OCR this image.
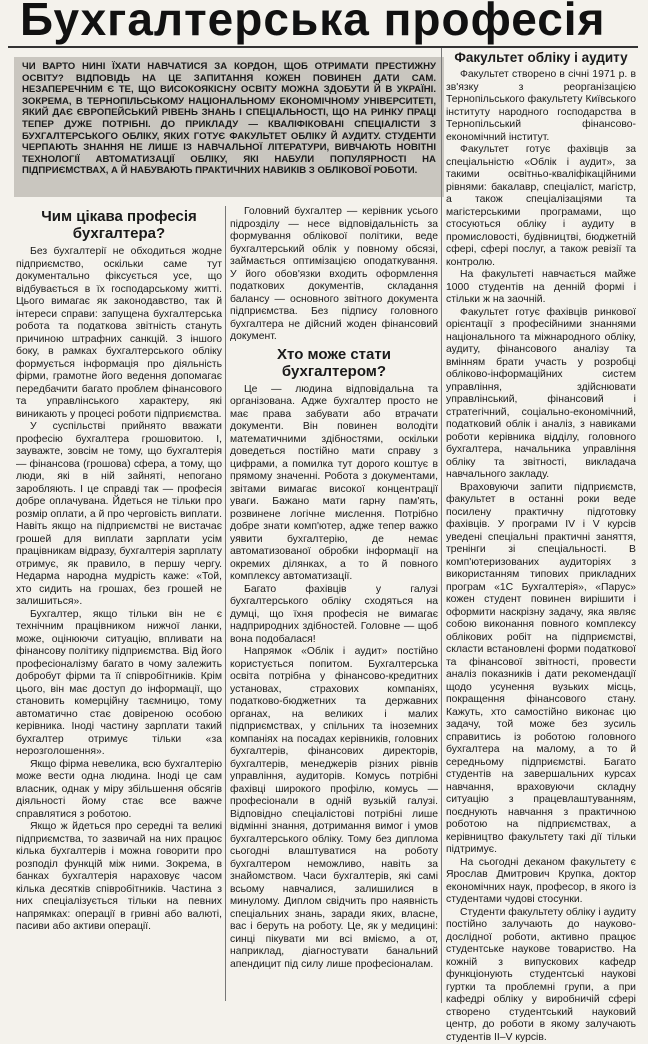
Бухгалтерська професія
ЧИ ВАРТО НИНІ ЇХАТИ НАВЧАТИСЯ ЗА КОРДОН, ЩОБ ОТРИМАТИ ПРЕСТИЖНУ ОСВІТУ? ВІДПОВІДЬ НА ЦЕ ЗАПИТАННЯ КОЖЕН ПОВИНЕН ДАТИ САМ. НЕЗАПЕРЕЧНИМ Є ТЕ, ЩО ВИСОКОЯКІСНУ ОСВІТУ МОЖНА ЗДОБУТИ Й В УКРАЇНІ. ЗОКРЕМА, В ТЕРНОПІЛЬСЬКОМУ НАЦІОНАЛЬНОМУ ЕКОНОМІЧНОМУ УНІВЕРСИТЕТІ, ЯКИЙ ДАЄ ЄВРОПЕЙСЬКИЙ РІВЕНЬ ЗНАНЬ І СПЕЦІАЛЬНОСТІ, ЩО НА РИНКУ ПРАЦІ ТЕПЕР ДУЖЕ ПОТРІБНІ. ДО ПРИКЛАДУ — КВАЛІФІКОВАНІ СПЕЦІАЛІСТИ З БУХГАЛТЕРСЬКОГО ОБЛІКУ, ЯКИХ ГОТУЄ ФАКУЛЬТЕТ ОБЛІКУ Й АУДИТУ. СТУДЕНТИ ЧЕРПАЮТЬ ЗНАННЯ НЕ ЛИШЕ ІЗ НАВЧАЛЬНОЇ ЛІТЕРАТУРИ, ВИВЧАЮТЬ НОВІТНІ ТЕХНОЛОГІЇ АВТОМАТИЗАЦІЇ ОБЛІКУ, ЯКІ НАБУЛИ ПОПУЛЯРНОСТІ НА ПІДПРИЄМСТВАХ, А Й НАБУВАЮТЬ ПРАКТИЧНИХ НАВИКІВ З ОБЛІКОВОЇ РОБОТИ.

Чим цікава професія бухгалтера?

Без бухгалтерії не обходиться жодне підприємство, оскільки саме тут документально фіксується усе, що відбувається в їх господарському житті. Цього вимагає як законодавство, так й інтереси справи: запущена бухгалтерська робота та податкова звітність стануть причиною штрафних санкцій. З іншого боку, в рамках бухгалтерського обліку формується інформація про діяльність фірми, грамотне його ведення допомагає передбачити багато проблем фінансового та управлінського характеру, які виникають у процесі роботи підприємства.

У суспільстві прийнято вважати професію бухгалтера грошовитою. І, зауважте, зовсім не тому, що бухгалтерія — фінансова (грошова) сфера, а тому, що люди, які в ній зайняті, непогано заробляють. І це справді так — професія добре оплачувана. Йдеться не тільки про розмір оплати, а й про черговість виплати. Навіть якщо на підприємстві не вистачає грошей для виплати зарплати усім працівникам відразу, бухгалтерія зарплату отримує, як правило, в першу чергу. Недарма народна мудрість каже: «Той, хто сидить на грошах, без грошей не залишиться».

Бухгалтер, якщо тільки він не є технічним працівником нижчої ланки, може, оцінюючи ситуацію, впливати на фінансову політику підприємства. Від його професіоналізму багато в чому залежить добробут фірми та її співробітників. Крім цього, він має доступ до інформації, що становить комерційну таємницю, тому автоматично стає довіреною особою керівника. Іноді частину зарплати такий бухгалтер отримує тільки «за нерозголошення».

Якщо фірма невелика, всю бухгалтерію може вести одна людина. Іноді це сам власник, однак у міру збільшення обсягів діяльності йому стає все важче справлятися з роботою.

Якщо ж йдеться про середні та великі підприємства, то зазвичай на них працює кілька бухгалтерів і можна говорити про розподіл функцій між ними. Зокрема, в банках бухгалтерія нараховує часом кілька десятків співробітників. Частина з них спеціалізується тільки на певних напрямках: операції в гривні або валюті, пасиви або активи операції.

Головний бухгалтер — керівник усього підрозділу — несе відповідальність за формування облікової політики, веде бухгалтерський облік у повному обсязі, займається оптимізацією оподаткування. У його обов'язки входить оформлення податкових документів, складання балансу — основного звітного документа підприємства. Без підпису головного бухгалтера не дійсний жоден фінансовий документ.

Хто може стати бухгалтером?

Це — людина відповідальна та організована. Адже бухгалтер просто не має права забувати або втрачати документи. Він повинен володіти математичними здібностями, оскільки доведеться постійно мати справу з цифрами, а помилка тут дорого коштує в прямому значенні. Робота з документами, звітами вимагає високої концентрації уваги. Бажано мати гарну пам'ять, розвинене логічне мислення. Потрібно добре знати комп'ютер, адже тепер важко уявити бухгалтерію, де немає автоматизованої обробки інформації на окремих ділянках, а то й повного комплексу автоматизації.

Багато фахівців у галузі бухгалтерського обліку сходяться на думці, що їхня професія не вимагає надприродних здібностей. Головне — щоб вона подобалася!

Напрямок «Облік і аудит» постійно користується попитом. Бухгалтерська освіта потрібна у фінансово-кредитних установах, страхових компаніях, податково-бюджетних та державних органах, на великих і малих підприємствах, у спільних та іноземних компаніях на посадах керівників, головних бухгалтерів, фінансових директорів, бухгалтерів, менеджерів різних рівнів управління, аудиторів. Комусь потрібні фахівці широкого профілю, комусь — професіонали в одній вузькій галузі. Відповідно спеціалістові потрібні лише відмінні знання, дотримання вимог і умов бухгалтерського обліку. Тому без диплома сьогодні влаштуватися на роботу бухгалтером неможливо, навіть за знайомством. Часи бухгалтерів, які самі всьому навчалися, залишилися в минулому. Диплом свідчить про наявність спеціальних знань, заради яких, власне, вас і беруть на роботу. Це, як у медицині: синці пікувати ми всі вміємо, а от, наприклад, діагностувати банальний апендицит під силу лише професіоналам.

Факультет обліку і аудиту

Факультет створено в січні 1971 р. в зв'язку з реорганізацією Тернопільського факультету Київського інституту народного господарства в Тернопільський фінансово-економічний інститут.

Факультет готує фахівців за спеціальністю «Облік і аудит», за такими освітньо-кваліфікаційними рівнями: бакалавр, спеціаліст, магістр, а також спеціалізаціями та магістерськими програмами, що стосуються обліку і аудиту в промисловості, будівництві, бюджетній сфері, сфері послуг, а також ревізії та контролю.

На факультеті навчається майже 1000 студентів на денній формі і стільки ж на заочній.

Факультет готує фахівців ринкової орієнтації з професійними знаннями національного та міжнародного обліку, аудиту, фінансового аналізу та вмінням брати участь у розробці обліково-інформаційних систем управління, здійснювати управлінський, фінансовий і стратегічний, соціально-економічний, податковий облік і аналіз, з навиками роботи керівника відділу, головного бухгалтера, начальника управління обліку та звітності, викладача навчального закладу.

Враховуючи запити підприємств, факультет в останні роки веде посилену практичну підготовку фахівців. У програми IV і V курсів уведені спеціальні практичні заняття, тренінги зі спеціальності. В комп'ютеризованих аудиторіях з використанням типових прикладних програм «1С Бухгалтерія», «Парус» кожен студент повинен вирішити і оформити наскрізну задачу, яка являє собою виконання повного комплексу облікових робіт на підприємстві, скласти встановлені форми податкової та фінансової звітності, провести аналіз показників і дати рекомендації щодо усунення вузьких місць, покращення фінансового стану. Кажуть, хто самостійно виконає цю задачу, той може без зусиль справитись із роботою головного бухгалтера на малому, а то й середньому підприємстві. Багато студентів на завершальних курсах навчання, враховуючи складну ситуацію з працевлаштуванням, поєднують навчання з практичною роботою на підприємствах, а керівництво факультету такі дії тільки підтримує.

На сьогодні деканом факультету є Ярослав Дмитрович Крупка, доктор економічних наук, професор, в якого із студентами чудові стосунки.

Студенти факультету обліку і аудиту постійно залучають до науково-дослідної роботи, активно працює студентське наукове товариство. На кожній з випускових кафедр функціонують студентські наукові гуртки та проблемні групи, а при кафедрі обліку у виробничій сфері створено студентський науковий центр, до роботи в якому залучають студентів II–V курсів.
